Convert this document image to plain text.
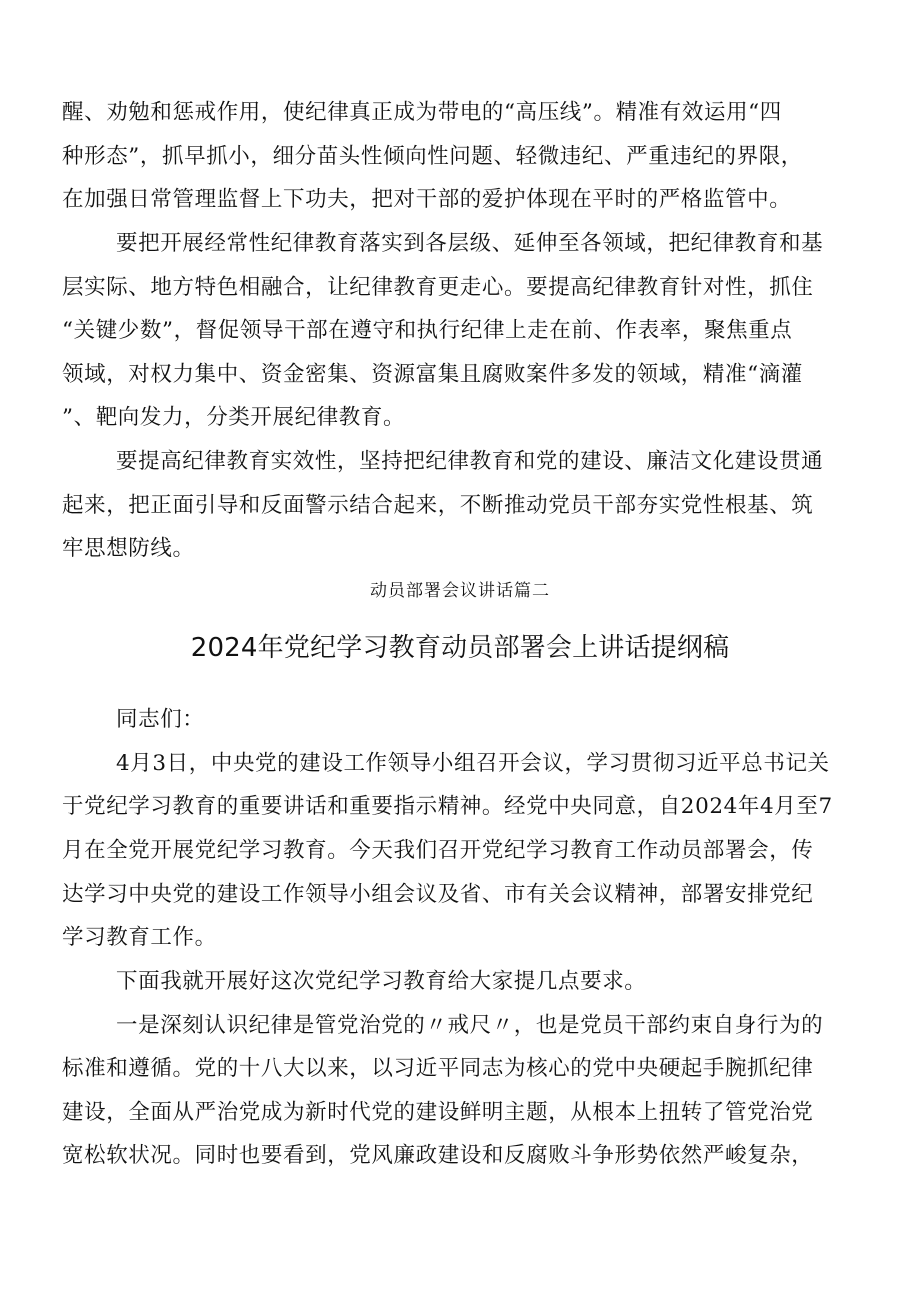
醒、劝勉和惩戒作用，使纪律真正成为带电的“高压线”。精准有效运用“四
种形态”，抓早抓小，细分苗头性倾向性问题、轻微违纪、严重违纪的界限，
在加强日常管理监督上下功夫，把对干部的爱护体现在平时的严格监管中。
要把开展经常性纪律教育落实到各层级、延伸至各领域，把纪律教育和基
层实际、地方特色相融合，让纪律教育更走心。要提高纪律教育针对性，抓住
“关键少数”，督促领导干部在遵守和执行纪律上走在前、作表率，聚焦重点
领域，对权力集中、资金密集、资源富集且腐败案件多发的领域，精准“滴灌
”、靶向发力，分类开展纪律教育。
要提高纪律教育实效性，坚持把纪律教育和党的建设、廉洁文化建设贯通
起来，把正面引导和反面警示结合起来，不断推动党员干部夯实党性根基、筑
牢思想防线。
动员部署会议讲话篇二
2024年党纪学习教育动员部署会上讲话提纲稿
同志们：
4月3日，中央党的建设工作领导小组召开会议，学习贯彻习近平总书记关
于党纪学习教育的重要讲话和重要指示精神。经党中央同意，自2024年4月至7
月在全党开展党纪学习教育。今天我们召开党纪学习教育工作动员部署会，传
达学习中央党的建设工作领导小组会议及省、市有关会议精神，部署安排党纪
学习教育工作。
下面我就开展好这次党纪学习教育给大家提几点要求。
一是深刻认识纪律是管党治党的〃戒尺〃，也是党员干部约束自身行为的
标准和遵循。党的十八大以来，以习近平同志为核心的党中央硬起手腕抓纪律
建设，全面从严治党成为新时代党的建设鲜明主题，从根本上扭转了管党治党
宽松软状况。同时也要看到，党风廉政建设和反腐败斗争形势依然严峻复杂，
